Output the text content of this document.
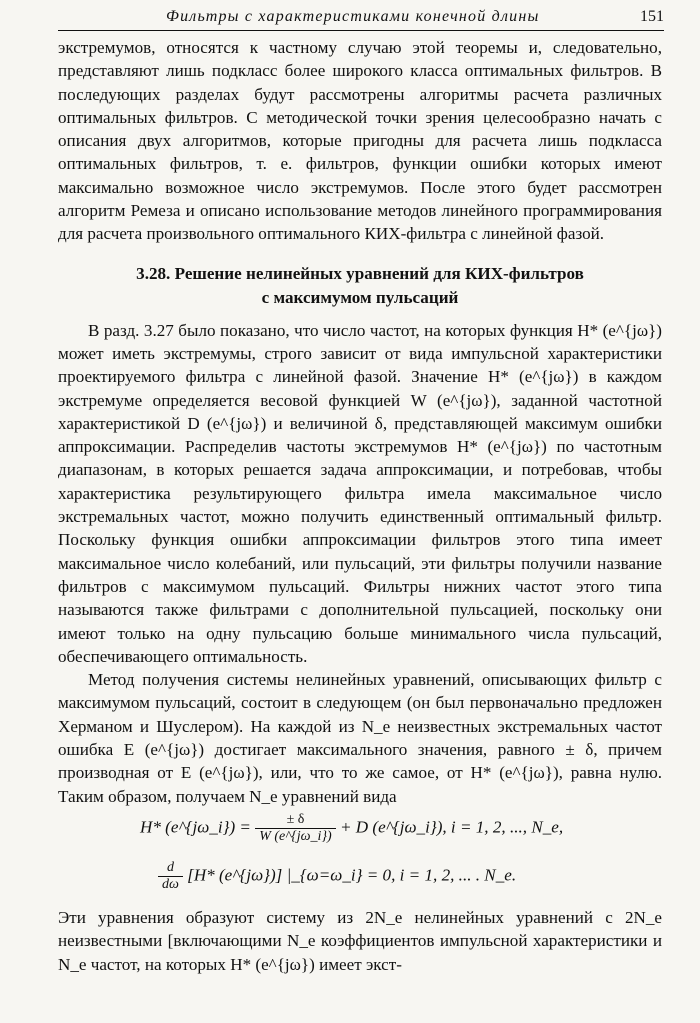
Фильтры с характеристиками конечной длины	151

экстремумов, относятся к частному случаю этой теоремы и, следовательно, представляют лишь подкласс более широкого класса оптимальных фильтров. В последующих разделах будут рассмотрены алгоритмы расчета различных оптимальных фильтров. С методической точки зрения целесообразно начать с описания двух алгоритмов, которые пригодны для расчета лишь подкласса оптимальных фильтров, т. е. фильтров, функции ошибки которых имеют максимально возможное число экстремумов. После этого будет рассмотрен алгоритм Ремеза и описано использование методов линейного программирования для расчета произвольного оптимального КИХ-фильтра с линейной фазой.

3.28. Решение нелинейных уравнений для КИХ-фильтров
с максимумом пульсаций

В разд. 3.27 было показано, что число частот, на которых функция H* (e^{jω}) может иметь экстремумы, строго зависит от вида импульсной характеристики проектируемого фильтра с линейной фазой. Значение H* (e^{jω}) в каждом экстремуме определяется весовой функцией W (e^{jω}), заданной частотной характеристикой D (e^{jω}) и величиной δ, представляющей максимум ошибки аппроксимации. Распределив частоты экстремумов H* (e^{jω}) по частотным диапазонам, в которых решается задача аппроксимации, и потребовав, чтобы характеристика результирующего фильтра имела максимальное число экстремальных частот, можно получить единственный оптимальный фильтр. Поскольку функция ошибки аппроксимации фильтров этого типа имеет максимальное число колебаний, или пульсаций, эти фильтры получили название фильтров с максимумом пульсаций. Фильтры нижних частот этого типа называются также фильтрами с дополнительной пульсацией, поскольку они имеют только на одну пульсацию больше минимального числа пульсаций, обеспечивающего оптимальность.

Метод получения системы нелинейных уравнений, описывающих фильтр с максимумом пульсаций, состоит в следующем (он был первоначально предложен Херманом и Шуслером). На каждой из N_e неизвестных экстремальных частот ошибка E (e^{jω}) достигает максимального значения, равного ± δ, причем производная от E (e^{jω}), или, что то же самое, от H* (e^{jω}), равна нулю. Таким образом, получаем N_e уравнений вида

H* (e^{jω_i}) = $\frac{\pm \delta}{W (e\^{}\{j\omega\_i\})} + D$ (e^{jω_i}), i = 1, 2, ..., N_e,
$\frac{d}{d\omega} [H*$ (e^{jω})] |_{ω=ω_i} = 0, i = 1, 2, ... . N_e.

Эти уравнения образуют систему из 2N_e нелинейных уравнений с 2N_e неизвестными [включающими N_e коэффициентов импульсной характеристики и N_e частот, на которых H* (e^{jω}) имеет экст-
